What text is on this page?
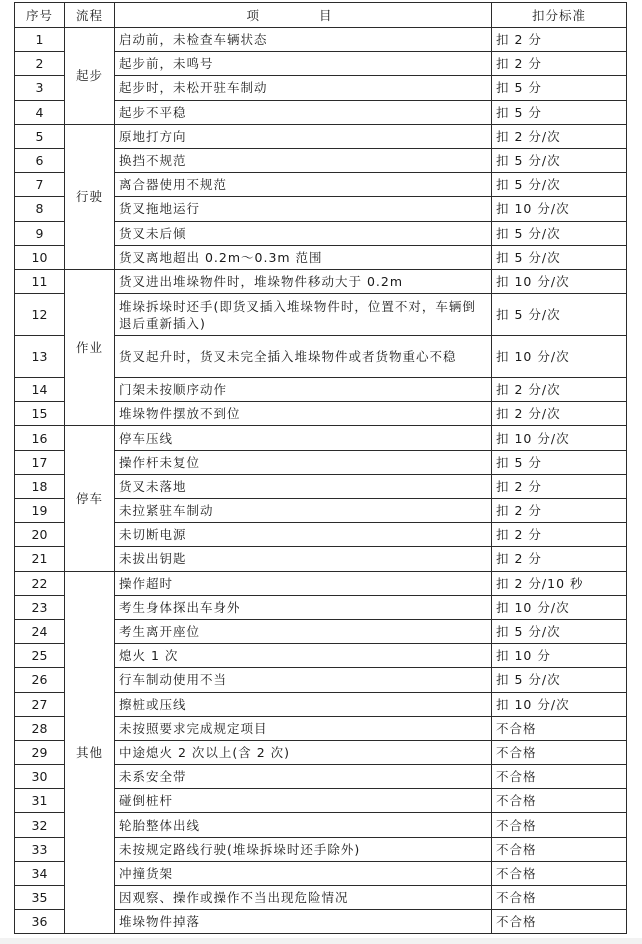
序号	流程	项 目	扣分标准
1	起步	启动前，未检查车辆状态	扣 2 分
2		起步前，未鸣号	扣 2 分
3		起步时，未松开驻车制动	扣 5 分
4		起步不平稳	扣 5 分
5	行驶	原地打方向	扣 2 分/次
6		换挡不规范	扣 5 分/次
7		离合器使用不规范	扣 5 分/次
8		货叉拖地运行	扣 10 分/次
9		货叉未后倾	扣 5 分/次
10		货叉离地超出 0.2m～0.3m 范围	扣 5 分/次
11	作业	货叉进出堆垛物件时，堆垛物件移动大于 0.2m	扣 10 分/次
12		堆垛拆垛时还手(即货叉插入堆垛物件时，位置不对，车辆倒退后重新插入)	扣 5 分/次
13		货叉起升时，货叉未完全插入堆垛物件或者货物重心不稳	扣 10 分/次
14		门架未按顺序动作	扣 2 分/次
15		堆垛物件摆放不到位	扣 2 分/次
16	停车	停车压线	扣 10 分/次
17		操作杆未复位	扣 5 分
18		货叉未落地	扣 2 分
19		未拉紧驻车制动	扣 2 分
20		未切断电源	扣 2 分
21		未拔出钥匙	扣 2 分
22	其他	操作超时	扣 2 分/10 秒
23		考生身体探出车身外	扣 10 分/次
24		考生离开座位	扣 5 分/次
25		熄火 1 次	扣 10 分
26		行车制动使用不当	扣 5 分/次
27		擦桩或压线	扣 10 分/次
28		未按照要求完成规定项目	不合格
29		中途熄火 2 次以上(含 2 次)	不合格
30		未系安全带	不合格
31		碰倒桩杆	不合格
32		轮胎整体出线	不合格
33		未按规定路线行驶(堆垛拆垛时还手除外)	不合格
34		冲撞货架	不合格
35		因观察、操作或操作不当出现危险情况	不合格
36		堆垛物件掉落	不合格
